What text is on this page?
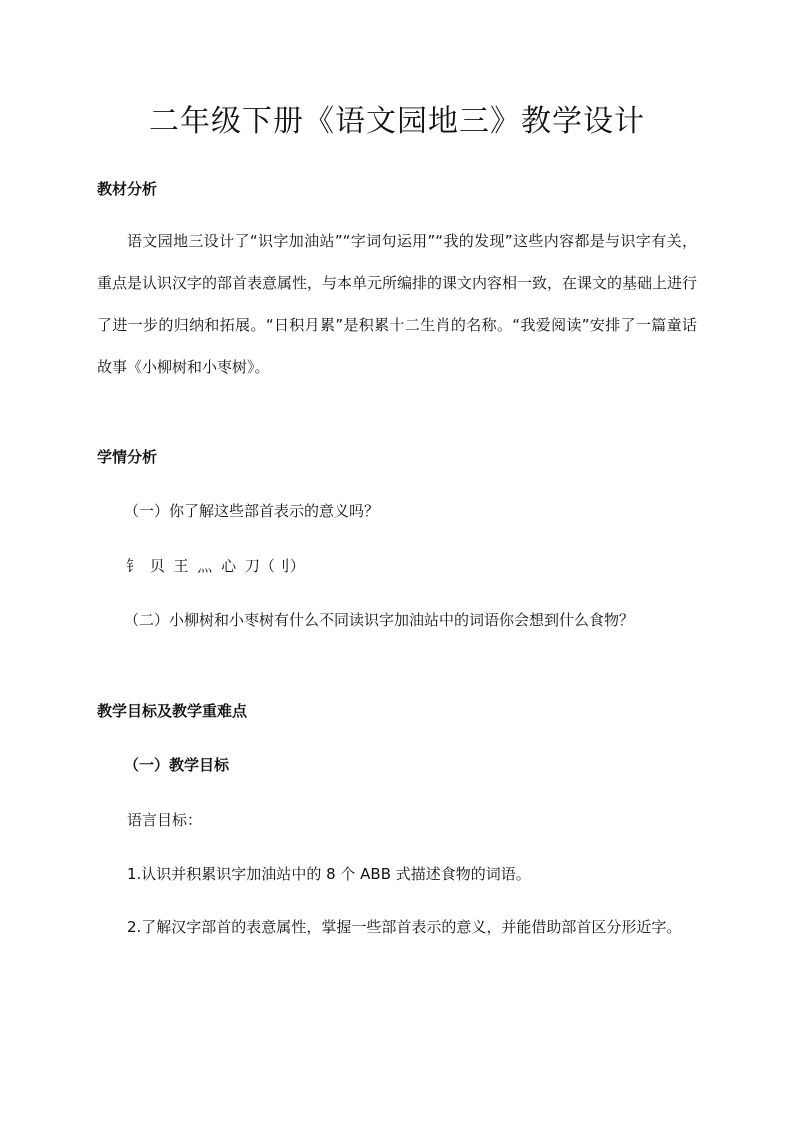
二年级下册《语文园地三》教学设计
教材分析

语文园地三设计了“识字加油站”“字词句运用”“我的发现”这些内容都是与识字有关，重点是认识汉字的部首表意属性，与本单元所编排的课文内容相一致，在课文的基础上进行了进一步的归纳和拓展。“日积月累”是积累十二生肖的名称。“我爱阅读”安排了一篇童话故事《小柳树和小枣树》。

学情分析

（一）你了解这些部首表示的意义吗？

钅 贝 王 灬 心 刀（刂）

（二）小柳树和小枣树有什么不同读识字加油站中的词语你会想到什么食物？

教学目标及教学重难点

（一）教学目标

语言目标：

1.认识并积累识字加油站中的 8 个 ABB 式描述食物的词语。

2.了解汉字部首的表意属性，掌握一些部首表示的意义，并能借助部首区分形近字。
